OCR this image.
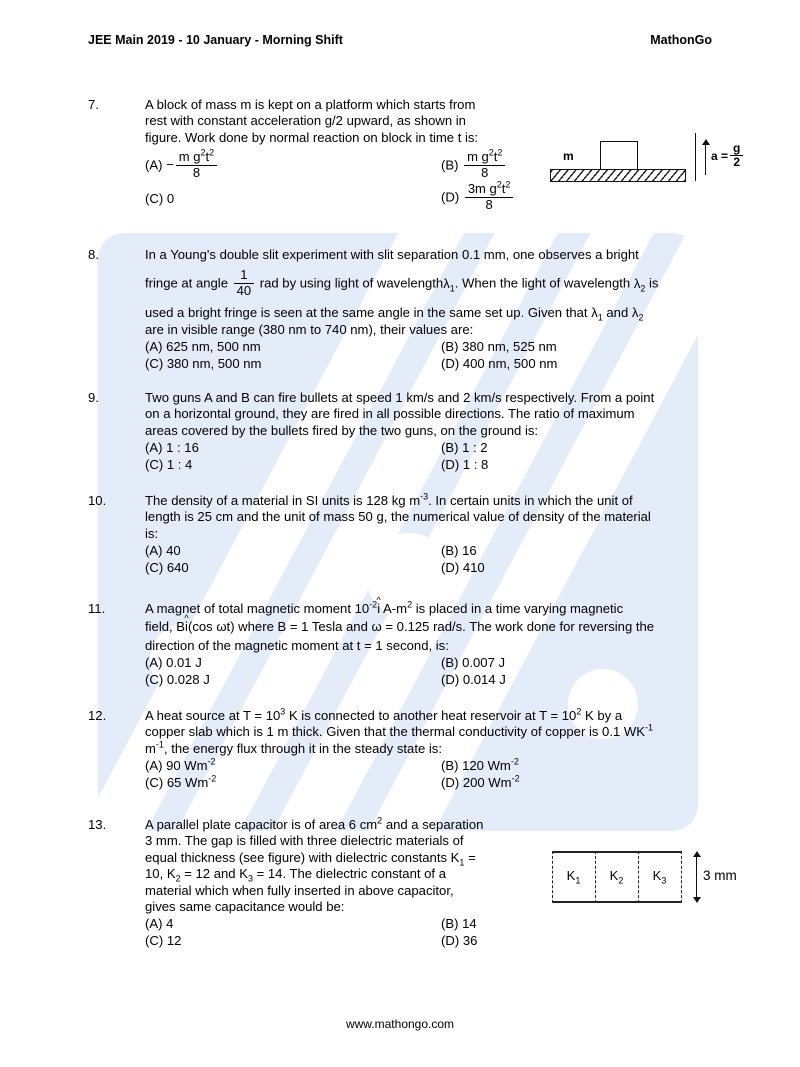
JEE Main 2019 - 10 January - Morning Shift	MathonGo
7.	A block of mass m is kept on a platform which starts from
rest with constant acceleration g/2 upward, as shown in
figure. Work done by normal reaction on block in time t is:
$(A) - \frac{m g^2t^2}{8}$	$(B) \frac{m g^2t^2}{8}$
(C) 0	$(D) \frac{3m g^2t^2}{8}$
m	$a = \frac{g}{2}$
8.	In a Young's double slit experiment with slit separation 0.1 mm, one observes a bright
fringe at angle $\frac{1}{40}$ rad by using light of wavelengthλ$_1$. When the light of wavelength $\lambda_2$ is
used a bright fringe is seen at the same angle in the same set up. Given that $\lambda_1$ and $\lambda_2$
are in visible range (380 nm to 740 nm), their values are:
(A) 625 nm, 500 nm	(B) 380 nm, 525 nm
(C) 380 nm, 500 nm	(D) 400 nm, 500 nm
9.	Two guns A and B can fire bullets at speed 1 km/s and 2 km/s respectively. From a point
on a horizontal ground, they are fired in all possible directions. The ratio of maximum
areas covered by the bullets fired by the two guns, on the ground is:
(A) 1 : 16	(B) 1 : 2
(C) 1 : 4	(D) 1 : 8
10.	The density of a material in SI units is 128 kg $m^{-3}$. In certain units in which the unit of
length is 25 cm and the unit of mass 50 g, the numerical value of density of the material
is:
(A) 40	(B) 16
(C) 640	(D) 410
11.	A magnet of total magnetic moment $10^{-2}$ ^
i $A-m^2$ is placed in a time varying magnetic
field, B
^
i(cos ωt) where B = 1 Tesla and ω = 0.125 rad/s. The work done for reversing the
direction of the magnetic moment at t = 1 second, is:
(A) 0.01 J	(B) 0.007 J
(C) 0.028 J	(D) 0.014 J
12.	A heat source at $T = 10^3$ K is connected to another heat reservoir at $T = 10^2$ K by a
copper slab which is 1 m thick. Given that the thermal conductivity of copper is 0.1 $WK^{-1}$
$m^{-1}$, the energy flux through it in the steady state is:
(A) 90 $Wm^{-2}$	(B) 120 $Wm^{-2}$
(C) 65 $Wm^{-2}$	(D) 200 $Wm^{-2}$
13.	A parallel plate capacitor is of area 6 $cm^2$ and a separation
3 mm. The gap is filled with three dielectric materials of
equal thickness (see figure) with dielectric constants $K_1$ =
10, $K_2 = 12$ and $K_3 = 14$. The dielectric constant of a
material which when fully inserted in above capacitor,
gives same capacitance would be:
(A) 4	(B) 14
(C) 12	(D) 36
$K_1$	$K_2$	$K_3$	3 mm
www.mathongo.com
